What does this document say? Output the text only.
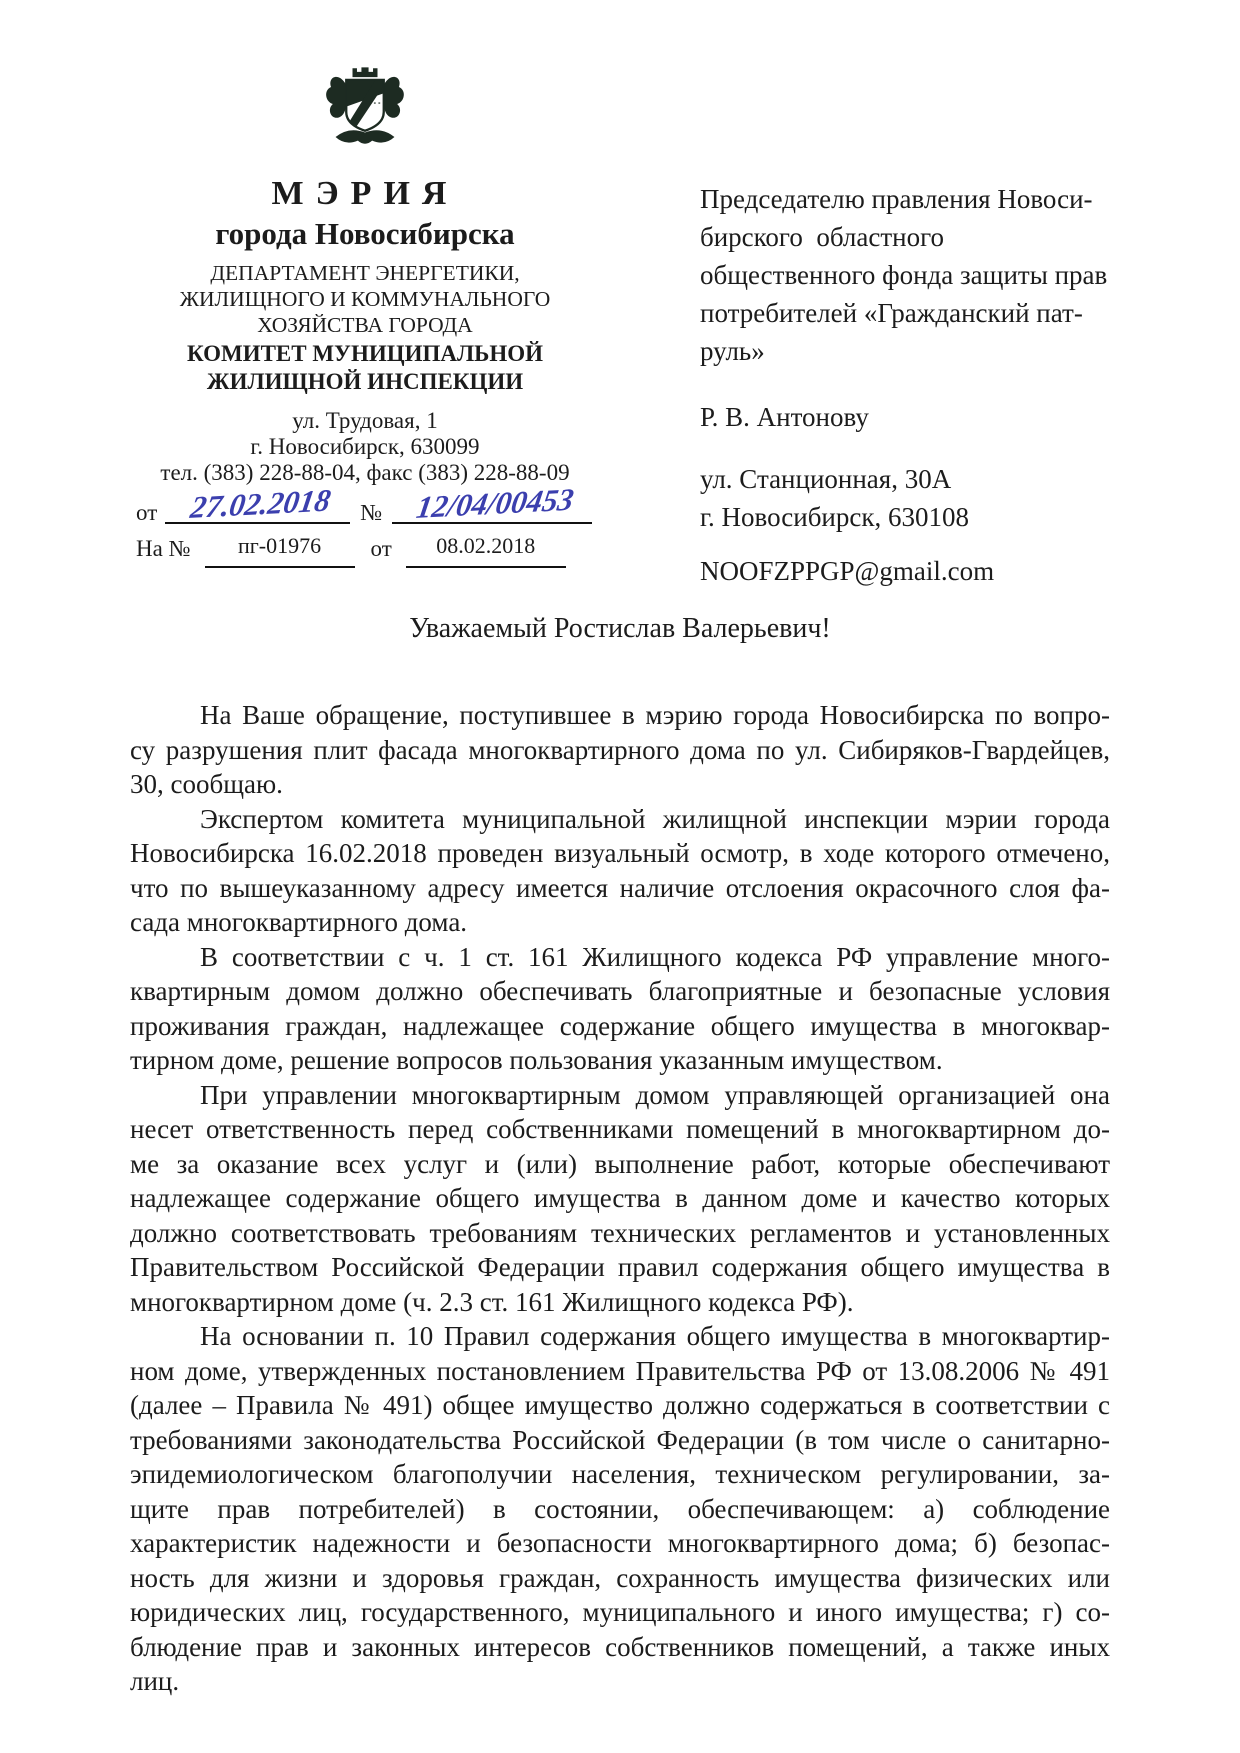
МЭРИЯ
города Новосибирска
ДЕПАРТАМЕНТ ЭНЕРГЕТИКИ,
ЖИЛИЩНОГО И КОММУНАЛЬНОГО
ХОЗЯЙСТВА ГОРОДА
КОМИТЕТ МУНИЦИПАЛЬНОЙ
ЖИЛИЩНОЙ ИНСПЕКЦИИ
ул. Трудовая, 1
г. Новосибирск, 630099
тел. (383) 228-88-04, факс (383) 228-88-09
от 27.02.2018 № 12/04/00453
На № пг-01976 от 08.02.2018
Председателю правления Новоси-
бирского  областного
общественного фонда защиты прав
потребителей «Гражданский пат-
руль»
Р. В. Антонову
ул. Станционная, 30А
г. Новосибирск, 630108
NOOFZPPGP@gmail.com
Уважаемый Ростислав Валерьевич!
На Ваше обращение, поступившее в мэрию города Новосибирска по вопро-
су разрушения плит фасада многоквартирного дома по ул. Сибиряков-Гвардейцев,
30, сообщаю.
Экспертом комитета муниципальной жилищной инспекции мэрии города
Новосибирска 16.02.2018 проведен визуальный осмотр, в ходе которого отмечено,
что по вышеуказанному адресу имеется наличие отслоения окрасочного слоя фа-
сада многоквартирного дома.
В соответствии с ч. 1 ст. 161 Жилищного кодекса РФ управление много-
квартирным домом должно обеспечивать благоприятные и безопасные условия
проживания граждан, надлежащее содержание общего имущества в многоквар-
тирном доме, решение вопросов пользования указанным имуществом.
При управлении многоквартирным домом управляющей организацией она
несет ответственность перед собственниками помещений в многоквартирном до-
ме за оказание всех услуг и (или) выполнение работ, которые обеспечивают
надлежащее содержание общего имущества в данном доме и качество которых
должно соответствовать требованиям технических регламентов и установленных
Правительством Российской Федерации правил содержания общего имущества в
многоквартирном доме (ч. 2.3 ст. 161 Жилищного кодекса РФ).
На основании п. 10 Правил содержания общего имущества в многоквартир-
ном доме, утвержденных постановлением Правительства РФ от 13.08.2006 № 491
(далее – Правила № 491) общее имущество должно содержаться в соответствии с
требованиями законодательства Российской Федерации (в том числе о санитарно-
эпидемиологическом благополучии населения, техническом регулировании, за-
щите прав потребителей) в состоянии, обеспечивающем: а) соблюдение
характеристик надежности и безопасности многоквартирного дома; б) безопас-
ность для жизни и здоровья граждан, сохранность имущества физических или
юридических лиц, государственного, муниципального и иного имущества; г) со-
блюдение прав и законных интересов собственников помещений, а также иных
лиц.
